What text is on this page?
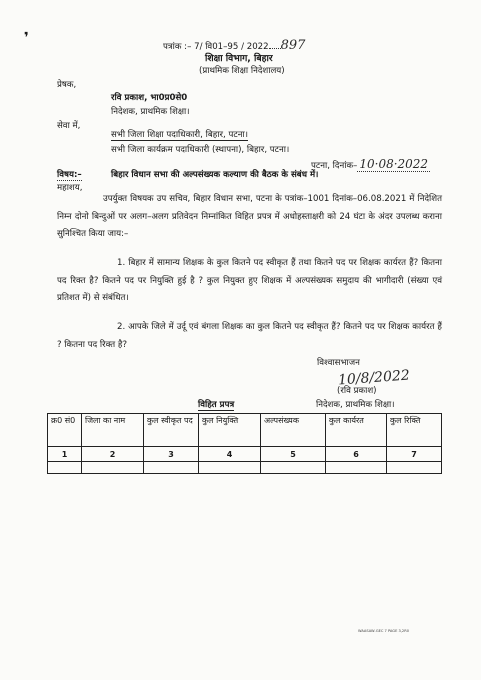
पत्रांक :– 7/ वि01–95 / 2022 897
❜
शिक्षा विभाग, बिहार
(प्राथमिक शिक्षा निदेशालय)
प्रेषक,
रवि प्रकाश, भा0प्र0से0
निदेशक, प्राथमिक शिक्षा।
सेवा में,
सभी जिला शिक्षा पदाधिकारी, बिहार, पटना।
सभी जिला कार्यक्रम पदाधिकारी (स्थापना), बिहार, पटना।
पटना, दिनांक– 10·08·2022
विषय:–	बिहार विधान सभा की अल्पसंख्यक कल्याण की बैठक के संबंध में।
महाशय,
उपर्युक्त विषयक उप सचिव, बिहार विधान सभा, पटना के पत्रांक–1001 दिनांक–06.08.2021 में निदेशित निम्न दोनो बिन्दुओं पर अलग–अलग प्रतिवेदन निम्नांकित विहित प्रपत्र में अधोहस्ताक्षरी को 24 घंटा के अंदर उपलब्ध कराना सुनिश्चित किया जाय:–
1. बिहार में सामान्य शिक्षक के कुल कितने पद स्वीकृत हैं तथा कितने पद पर शिक्षक कार्यरत हैं? कितना पद रिक्त है? कितने पद पर नियुक्ति हुई है ? कुल नियुक्त हुए शिक्षक में अल्पसंख्यक समुदाय की भागीदारी (संख्या एवं प्रतिशत में) से संबंधित।
2. आपके जिले में उर्दू एवं बंगला शिक्षक का कुल कितने पद स्वीकृत हैं? कितने पद पर शिक्षक कार्यरत हैं ? कितना पद रिक्त है?
विश्वासभाजन
10/8/2022
(रवि प्रकाश)
निदेशक, प्राथमिक शिक्षा।
विहित प्रपत्र
क्र0 सं0	जिला का नाम	कुल स्वीकृत पद	कुल नियुक्ति	अल्पसंख्यक	कुल कार्यरत	कुल रिक्ति
1	2	3	4	5	6	7

WAASAW-GEC 7 PAGE 3,2R0
